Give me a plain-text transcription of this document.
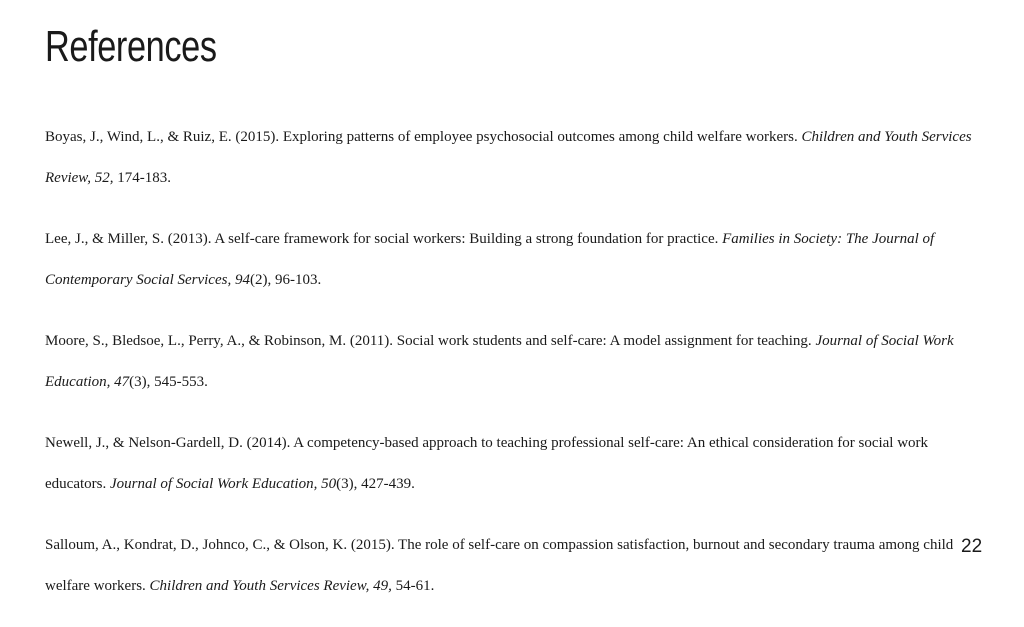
References

Boyas, J., Wind, L., & Ruiz, E. (2015). Exploring patterns of employee psychosocial outcomes among child welfare workers. Children and Youth Services Review, 52, 174-183.

Lee, J., & Miller, S. (2013). A self-care framework for social workers: Building a strong foundation for practice. Families in Society: The Journal of Contemporary Social Services, 94(2), 96-103.

Moore, S., Bledsoe, L., Perry, A., & Robinson, M. (2011). Social work students and self-care: A model assignment for teaching. Journal of Social Work Education, 47(3), 545-553.

Newell, J., & Nelson-Gardell, D. (2014). A competency-based approach to teaching professional self-care: An ethical consideration for social work educators. Journal of Social Work Education, 50(3), 427-439.

Salloum, A., Kondrat, D., Johnco, C., & Olson, K. (2015). The role of self-care on compassion satisfaction, burnout and secondary trauma among child welfare workers. Children and Youth Services Review, 49, 54-61.

22
